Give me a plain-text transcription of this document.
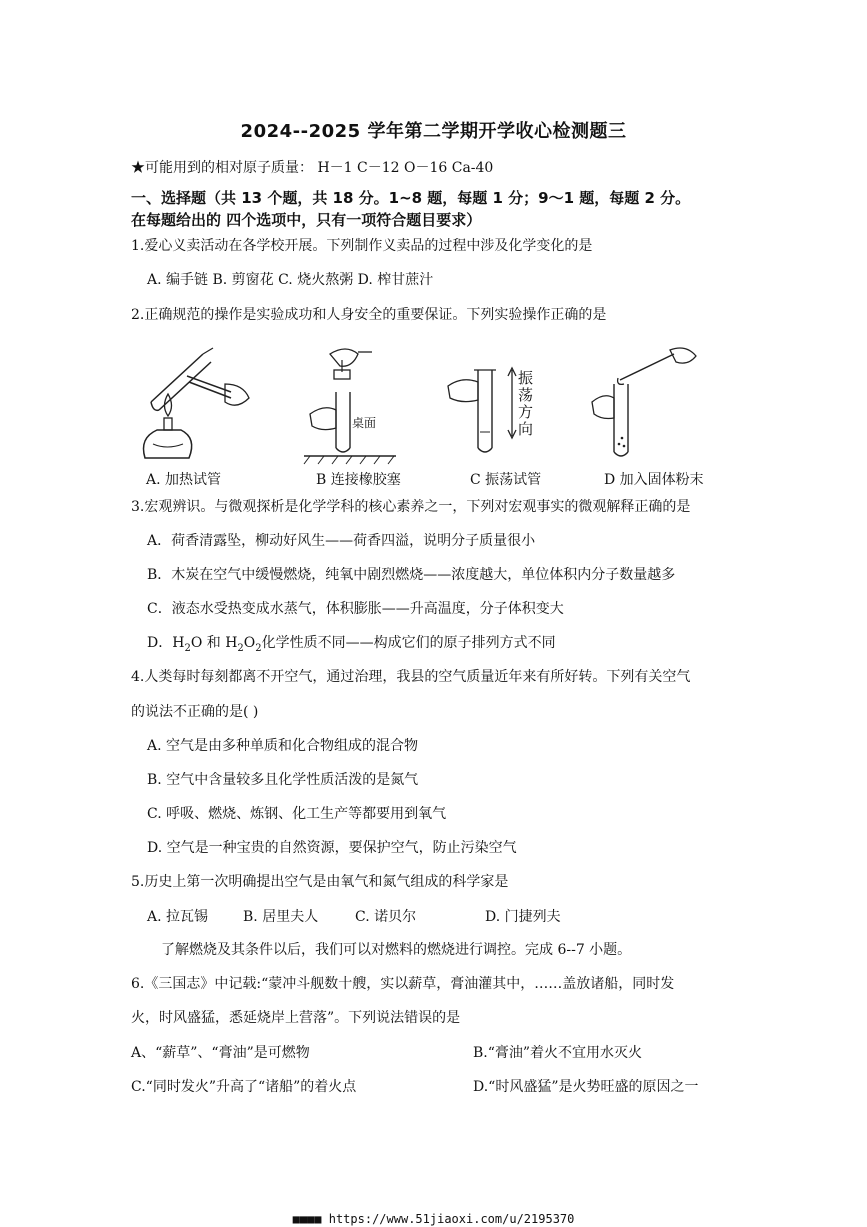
2024--2025 学年第二学期开学收心检测题三
★可能用到的相对原子质量： H－1 C－12 O－16 Ca-40
一、选择题（共 13 个题，共 18 分。1~8 题，每题 1 分；9～1 题，每题 2 分。
在每题给出的 四个选项中，只有一项符合题目要求）
1.爱心义卖活动在各学校开展。下列制作义卖品的过程中涉及化学变化的是
A. 编手链 B. 剪窗花 C. 烧火熬粥 D. 榨甘蔗汁
2.正确规范的操作是实验成功和人身安全的重要保证。下列实验操作正确的是
桌面
振
荡
方
向
A. 加热试管	B 连接橡胶塞	C 振荡试管	D 加入固体粉末
3.宏观辨识。与微观探析是化学学科的核心素养之一，下列对宏观事实的微观解释正确的是
A．荷香清露坠，柳动好风生——荷香四溢，说明分子质量很小
B．木炭在空气中缓慢燃烧，纯氧中剧烈燃烧——浓度越大，单位体积内分子数量越多
C．液态水受热变成水蒸气，体积膨胀——升高温度，分子体积变大
D．$H_2O$ 和 $H_2O_2$化学性质不同——构成它们的原子排列方式不同
4.人类每时每刻都离不开空气，通过治理，我县的空气质量近年来有所好转。下列有关空气
的说法不正确的是( )
A. 空气是由多种单质和化合物组成的混合物
B. 空气中含量较多且化学性质活泼的是氮气
C. 呼吸、燃烧、炼钢、化工生产等都要用到氧气
D. 空气是一种宝贵的自然资源，要保护空气，防止污染空气
5.历史上第一次明确提出空气是由氧气和氮气组成的科学家是
A. 拉瓦锡 B. 居里夫人	C. 诺贝尔	D. 门捷列夫
了解燃烧及其条件以后，我们可以对燃料的燃烧进行调控。完成 6--7 小题。
6.《三国志》中记载:“蒙冲斗舰数十艘，实以薪草，膏油灌其中，……盖放诸船，同时发
火，时风盛猛，悉延烧岸上营落”。下列说法错误的是
A、“薪草”、“膏油”是可燃物	B.“膏油”着火不宜用水灭火
C.“同时发火”升高了“诸船”的着火点	D.“时风盛猛”是火势旺盛的原因之一
■■■■ https://www.51jiaoxi.com/u/2195370
